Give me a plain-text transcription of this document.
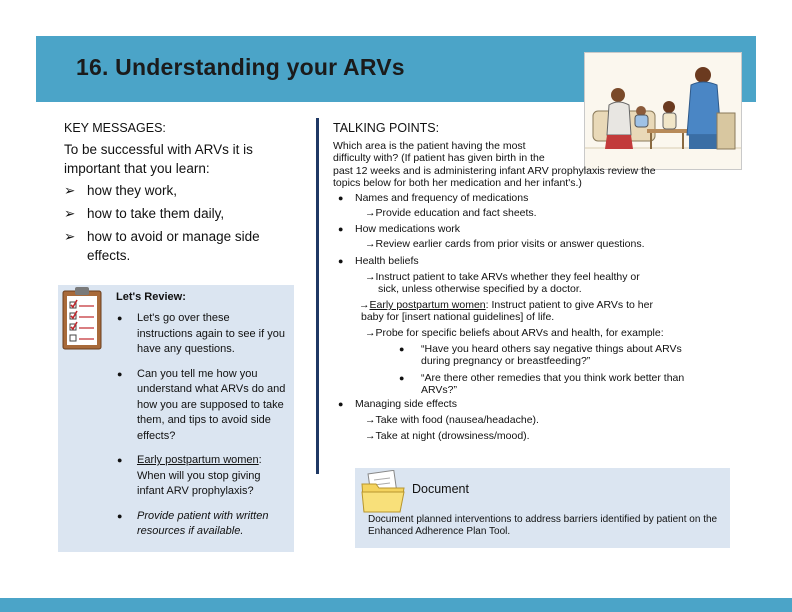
16. Understanding your ARVs
KEY MESSAGES:
To be successful with ARVs it is important that you learn:
➢ how they work,
➢ how to take them daily,
➢ how to avoid or manage side effects.
Let's Review:
● Let's go over these instructions again to see if you have any questions.
● Can you tell me how you understand what ARVs do and how you are supposed to take them, and tips to avoid side effects?
● Early postpartum women: When will you stop giving infant ARV prophylaxis?
● Provide patient with written resources if available.
TALKING POINTS:
Which area is the patient having the most
difficulty with? (If patient has given birth in the
past 12 weeks and is administering infant ARV prophylaxis review the
topics below for both her medication and her infant's.)
● Names and frequency of medications
→Provide education and fact sheets.
● How medications work
→Review earlier cards from prior visits or answer questions.
● Health beliefs
→Instruct patient to take ARVs whether they feel healthy or
sick, unless otherwise specified by a doctor.
→Early postpartum women: Instruct patient to give ARVs to her
baby for [insert national guidelines] of life.
→Probe for specific beliefs about ARVs and health, for example:
● “Have you heard others say negative things about ARVs
during pregnancy or breastfeeding?”
● “Are there other remedies that you think work better than
ARVs?”
● Managing side effects
→Take with food (nausea/headache).
→Take at night (drowsiness/mood).
Document
Document planned interventions to address barriers identified by patient on the Enhanced Adherence Plan Tool.
